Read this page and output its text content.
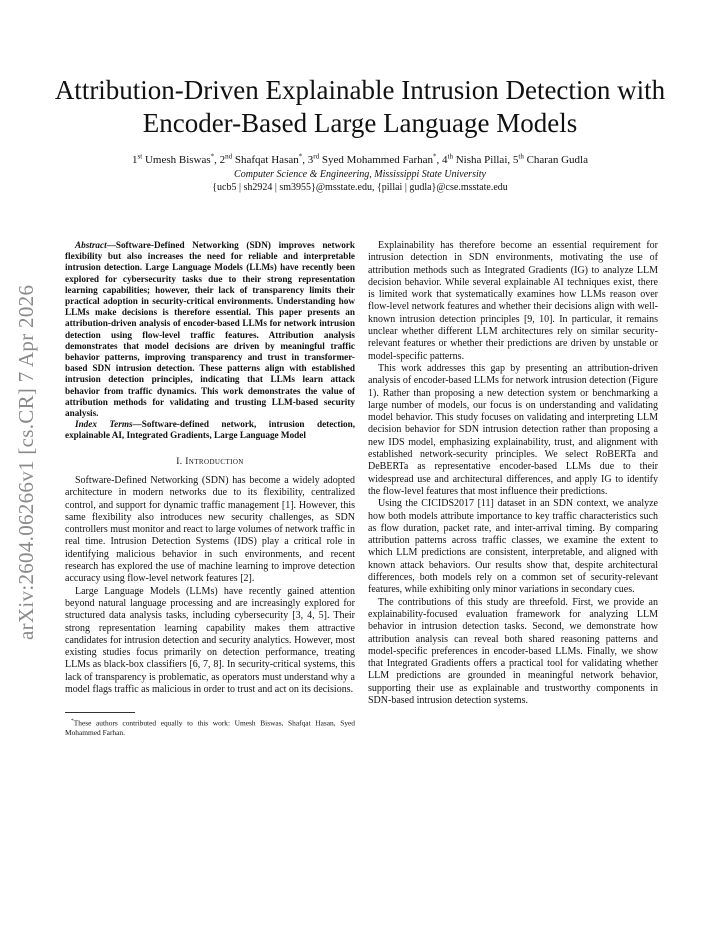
arXiv:2604.06266v1 [cs.CR] 7 Apr 2026
Attribution-Driven Explainable Intrusion Detection with Encoder-Based Large Language Models
1st Umesh Biswas*, 2nd Shafqat Hasan*, 3rd Syed Mohammed Farhan*, 4th Nisha Pillai, 5th Charan Gudla
Computer Science & Engineering, Mississippi State University
{ucb5 | sh2924 | sm3955}@msstate.edu, {pillai | gudla}@cse.msstate.edu

Abstract—Software-Defined Networking (SDN) improves network flexibility but also increases the need for reliable and interpretable intrusion detection. Large Language Models (LLMs) have recently been explored for cybersecurity tasks due to their strong representation learning capabilities; however, their lack of transparency limits their practical adoption in security-critical environments. Understanding how LLMs make decisions is therefore essential. This paper presents an attribution-driven analysis of encoder-based LLMs for network intrusion detection using flow-level traffic features. Attribution analysis demonstrates that model decisions are driven by meaningful traffic behavior patterns, improving transparency and trust in transformer-based SDN intrusion detection. These patterns align with established intrusion detection principles, indicating that LLMs learn attack behavior from traffic dynamics. This work demonstrates the value of attribution methods for validating and trusting LLM-based security analysis.

Index Terms—Software-defined network, intrusion detection, explainable AI, Integrated Gradients, Large Language Model

I. Introduction

Software-Defined Networking (SDN) has become a widely adopted architecture in modern networks due to its flexibility, centralized control, and support for dynamic traffic management [1]. However, this same flexibility also introduces new security challenges, as SDN controllers must monitor and react to large volumes of network traffic in real time. Intrusion Detection Systems (IDS) play a critical role in identifying malicious behavior in such environments, and recent research has explored the use of machine learning to improve detection accuracy using flow-level network features [2].

Large Language Models (LLMs) have recently gained attention beyond natural language processing and are increasingly explored for structured data analysis tasks, including cybersecurity [3, 4, 5]. Their strong representation learning capability makes them attractive candidates for intrusion detection and security analytics. However, most existing studies focus primarily on detection performance, treating LLMs as black-box classifiers [6, 7, 8]. In security-critical systems, this lack of transparency is problematic, as operators must understand why a model flags traffic as malicious in order to trust and act on its decisions.

*These authors contributed equally to this work: Umesh Biswas, Shafqat Hasan, Syed Mohammed Farhan.

Explainability has therefore become an essential requirement for intrusion detection in SDN environments, motivating the use of attribution methods such as Integrated Gradients (IG) to analyze LLM decision behavior. While several explainable AI techniques exist, there is limited work that systematically examines how LLMs reason over flow-level network features and whether their decisions align with well-known intrusion detection principles [9, 10]. In particular, it remains unclear whether different LLM architectures rely on similar security-relevant features or whether their predictions are driven by unstable or model-specific patterns.

This work addresses this gap by presenting an attribution-driven analysis of encoder-based LLMs for network intrusion detection (Figure 1). Rather than proposing a new detection system or benchmarking a large number of models, our focus is on understanding and validating model behavior. This study focuses on validating and interpreting LLM decision behavior for SDN intrusion detection rather than proposing a new IDS model, emphasizing explainability, trust, and alignment with established network-security principles. We select RoBERTa and DeBERTa as representative encoder-based LLMs due to their widespread use and architectural differences, and apply IG to identify the flow-level features that most influence their predictions.

Using the CICIDS2017 [11] dataset in an SDN context, we analyze how both models attribute importance to key traffic characteristics such as flow duration, packet rate, and inter-arrival timing. By comparing attribution patterns across traffic classes, we examine the extent to which LLM predictions are consistent, interpretable, and aligned with known attack behaviors. Our results show that, despite architectural differences, both models rely on a common set of security-relevant features, while exhibiting only minor variations in secondary cues.

The contributions of this study are threefold. First, we provide an explainability-focused evaluation framework for analyzing LLM behavior in intrusion detection tasks. Second, we demonstrate how attribution analysis can reveal both shared reasoning patterns and model-specific preferences in encoder-based LLMs. Finally, we show that Integrated Gradients offers a practical tool for validating whether LLM predictions are grounded in meaningful network behavior, supporting their use as explainable and trustworthy components in SDN-based intrusion detection systems.
